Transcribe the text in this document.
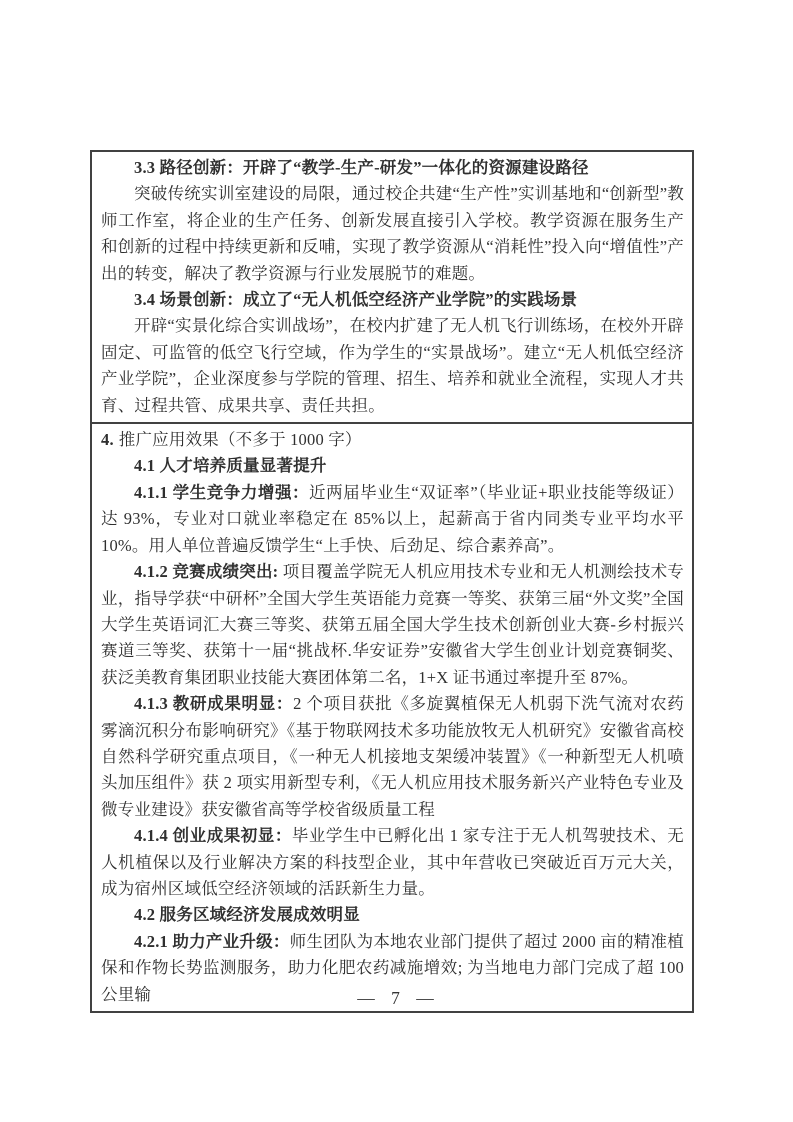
3.3 路径创新：开辟了“教学-生产-研发”一体化的资源建设路径

突破传统实训室建设的局限，通过校企共建“生产性”实训基地和“创新型”教师工作室，将企业的生产任务、创新发展直接引入学校。教学资源在服务生产和创新的过程中持续更新和反哺，实现了教学资源从“消耗性”投入向“增值性”产出的转变，解决了教学资源与行业发展脱节的难题。

3.4 场景创新：成立了“无人机低空经济产业学院”的实践场景

开辟“实景化综合实训战场”，在校内扩建了无人机飞行训练场，在校外开辟固定、可监管的低空飞行空域，作为学生的“实景战场”。建立“无人机低空经济产业学院”，企业深度参与学院的管理、招生、培养和就业全流程，实现人才共育、过程共管、成果共享、责任共担。

4. 推广应用效果（不多于 1000 字）

4.1 人才培养质量显著提升

4.1.1 学生竞争力增强：近两届毕业生“双证率”（毕业证+职业技能等级证）达 93%，专业对口就业率稳定在 85%以上，起薪高于省内同类专业平均水平 10%。用人单位普遍反馈学生“上手快、后劲足、综合素养高”。

4.1.2 竞赛成绩突出: 项目覆盖学院无人机应用技术专业和无人机测绘技术专业，指导学获“中研杯”全国大学生英语能力竞赛一等奖、获第三届“外文奖”全国大学生英语词汇大赛三等奖、获第五届全国大学生技术创新创业大赛-乡村振兴赛道三等奖、获第十一届“挑战杯.华安证券”安徽省大学生创业计划竞赛铜奖、获泛美教育集团职业技能大赛团体第二名，1+X 证书通过率提升至 87%。

4.1.3 教研成果明显：2 个项目获批《多旋翼植保无人机弱下洗气流对农药雾滴沉积分布影响研究》《基于物联网技术多功能放牧无人机研究》安徽省高校自然科学研究重点项目，《一种无人机接地支架缓冲装置》《一种新型无人机喷头加压组件》获 2 项实用新型专利，《无人机应用技术服务新兴产业特色专业及微专业建设》获安徽省高等学校省级质量工程

4.1.4 创业成果初显：毕业学生中已孵化出 1 家专注于无人机驾驶技术、无人机植保以及行业解决方案的科技型企业，其中年营收已突破近百万元大关，成为宿州区域低空经济领域的活跃新生力量。

4.2 服务区域经济发展成效明显

4.2.1 助力产业升级：师生团队为本地农业部门提供了超过 2000 亩的精准植保和作物长势监测服务，助力化肥农药减施增效; 为当地电力部门完成了超 100 公里输	— 7 —
